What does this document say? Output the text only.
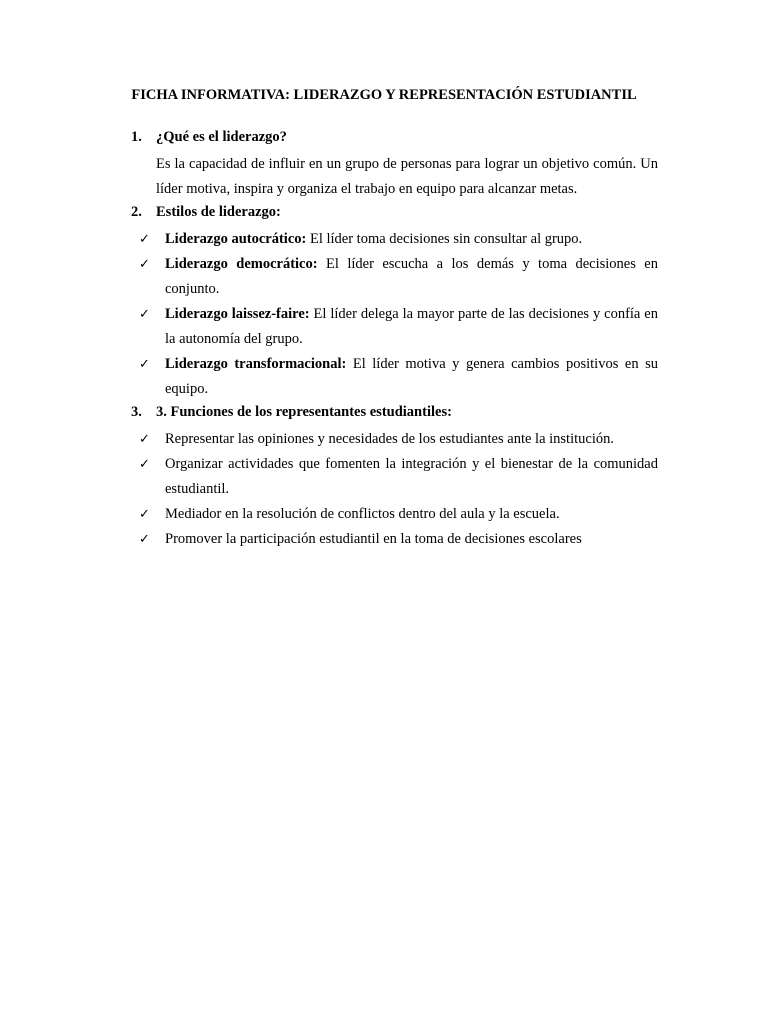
FICHA INFORMATIVA: LIDERAZGO Y REPRESENTACIÓN ESTUDIANTIL
1. ¿Qué es el liderazgo?

Es la capacidad de influir en un grupo de personas para lograr un objetivo común. Un líder motiva, inspira y organiza el trabajo en equipo para alcanzar metas.

2. Estilos de liderazgo:

✓ Liderazgo autocrático: El líder toma decisiones sin consultar al grupo.

✓ Liderazgo democrático: El líder escucha a los demás y toma decisiones en conjunto.

✓ Liderazgo laissez-faire: El líder delega la mayor parte de las decisiones y confía en la autonomía del grupo.

✓ Liderazgo transformacional: El líder motiva y genera cambios positivos en su equipo.

3. 3. Funciones de los representantes estudiantiles:

✓ Representar las opiniones y necesidades de los estudiantes ante la institución.

✓ Organizar actividades que fomenten la integración y el bienestar de la comunidad estudiantil.

✓ Mediador en la resolución de conflictos dentro del aula y la escuela.

✓ Promover la participación estudiantil en la toma de decisiones escolares
